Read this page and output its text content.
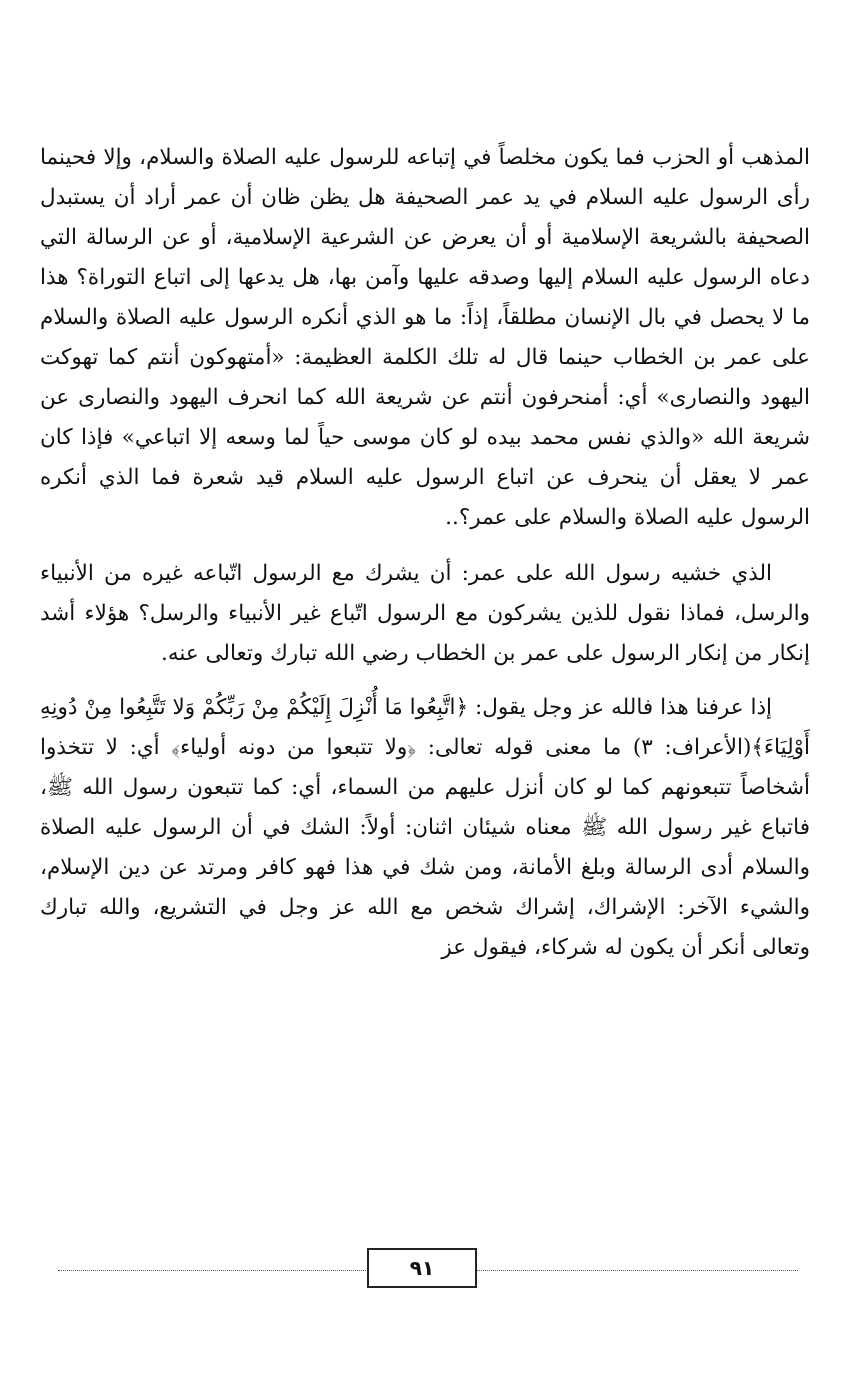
المذهب أو الحزب فما يكون مخلصاً في إتباعه للرسول عليه الصلاة والسلام، وإلا فحينما رأى الرسول عليه السلام في يد عمر الصحيفة هل يظن ظان أن عمر أراد أن يستبدل الصحيفة بالشريعة الإسلامية أو أن يعرض عن الشرعية الإسلامية، أو عن الرسالة التي دعاه الرسول عليه السلام إليها وصدقه عليها وآمن بها، هل يدعها إلى اتباع التوراة؟ هذا ما لا يحصل في بال الإنسان مطلقاً، إذاً: ما هو الذي أنكره الرسول عليه الصلاة والسلام على عمر بن الخطاب حينما قال له تلك الكلمة العظيمة: «أمتهوكون أنتم كما تهوكت اليهود والنصارى» أي: أمنحرفون أنتم عن شريعة الله كما انحرف اليهود والنصارى عن شريعة الله «والذي نفس محمد بيده لو كان موسى حياً لما وسعه إلا اتباعي» فإذا كان عمر لا يعقل أن ينحرف عن اتباع الرسول عليه السلام قيد شعرة فما الذي أنكره الرسول عليه الصلاة والسلام على عمر؟..

الذي خشيه رسول الله على عمر: أن يشرك مع الرسول اتّباعه غيره من الأنبياء والرسل، فماذا نقول للذين يشركون مع الرسول اتّباع غير الأنبياء والرسل؟ هؤلاء أشد إنكار من إنكار الرسول على عمر بن الخطاب رضي الله تبارك وتعالى عنه.

إذا عرفنا هذا فالله عز وجل يقول: ﴿اتَّبِعُوا مَا أُنْزِلَ إِلَيْكُمْ مِنْ رَبِّكُمْ وَلا تَتَّبِعُوا مِنْ دُونِهِ أَوْلِيَاءَ﴾(الأعراف: ٣) ما معنى قوله تعالى: ﴿ولا تتبعوا من دونه أولياء﴾ أي: لا تتخذوا أشخاصاً تتبعونهم كما لو كان أنزل عليهم من السماء، أي: كما تتبعون رسول الله ﷺ، فاتباع غير رسول الله ﷺ معناه شيئان اثنان: أولاً: الشك في أن الرسول عليه الصلاة والسلام أدى الرسالة وبلغ الأمانة، ومن شك في هذا فهو كافر ومرتد عن دين الإسلام، والشيء الآخر: الإشراك، إشراك شخص مع الله عز وجل في التشريع، والله تبارك وتعالى أنكر أن يكون له شركاء، فيقول عز

٩١
